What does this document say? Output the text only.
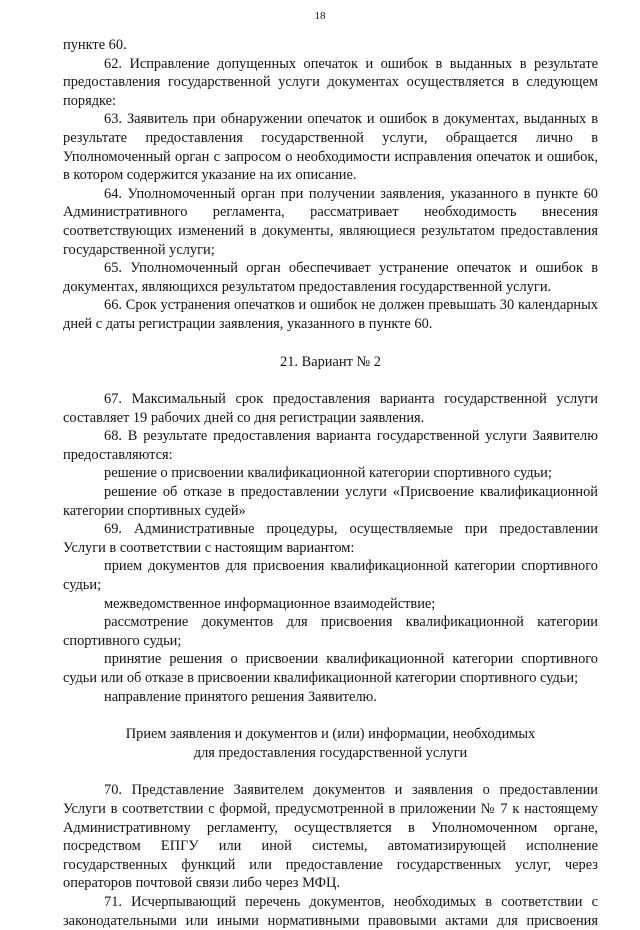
18

пункте 60.

62. Исправление допущенных опечаток и ошибок в выданных в результате предоставления государственной услуги документах осуществляется в следующем порядке:

63. Заявитель при обнаружении опечаток и ошибок в документах, выданных в результате предоставления государственной услуги, обращается лично в Уполномоченный орган с запросом о необходимости исправления опечаток и ошибок, в котором содержится указание на их описание.

64. Уполномоченный орган при получении заявления, указанного в пункте 60 Административного регламента, рассматривает необходимость внесения соответствующих изменений в документы, являющиеся результатом предоставления государственной услуги;

65. Уполномоченный орган обеспечивает устранение опечаток и ошибок в документах, являющихся результатом предоставления государственной услуги.

66. Срок устранения опечатков и ошибок не должен превышать 30 календарных дней с даты регистрации заявления, указанного в пункте 60.

21. Вариант № 2

67. Максимальный срок предоставления варианта государственной услуги составляет 19 рабочих дней со дня регистрации заявления.

68. В результате предоставления варианта государственной услуги Заявителю предоставляются:

решение о присвоении квалификационной категории спортивного судьи;

решение об отказе в предоставлении услуги «Присвоение квалификационной категории спортивных судей»

69. Административные процедуры, осуществляемые при предоставлении Услуги в соответствии с настоящим вариантом:

прием документов для присвоения квалификационной категории спортивного судьи;

межведомственное информационное взаимодействие;

рассмотрение документов для присвоения квалификационной категории спортивного судьи;

принятие решения о присвоении квалификационной категории спортивного судьи или об отказе в присвоении квалификационной категории спортивного судьи;

направление принятого решения Заявителю.

Прием заявления и документов и (или) информации, необходимых
для предоставления государственной услуги

70. Представление Заявителем документов и заявления о предоставлении Услуги в соответствии с формой, предусмотренной в приложении № 7 к настоящему Административному регламенту, осуществляется в Уполномоченном органе, посредством ЕПГУ или иной системы, автоматизирующей исполнение государственных функций или предоставление государственных услуг, через операторов почтовой связи либо через МФЦ.

71. Исчерпывающий перечень документов, необходимых в соответствии с законодательными или иными нормативными правовыми актами для присвоения
